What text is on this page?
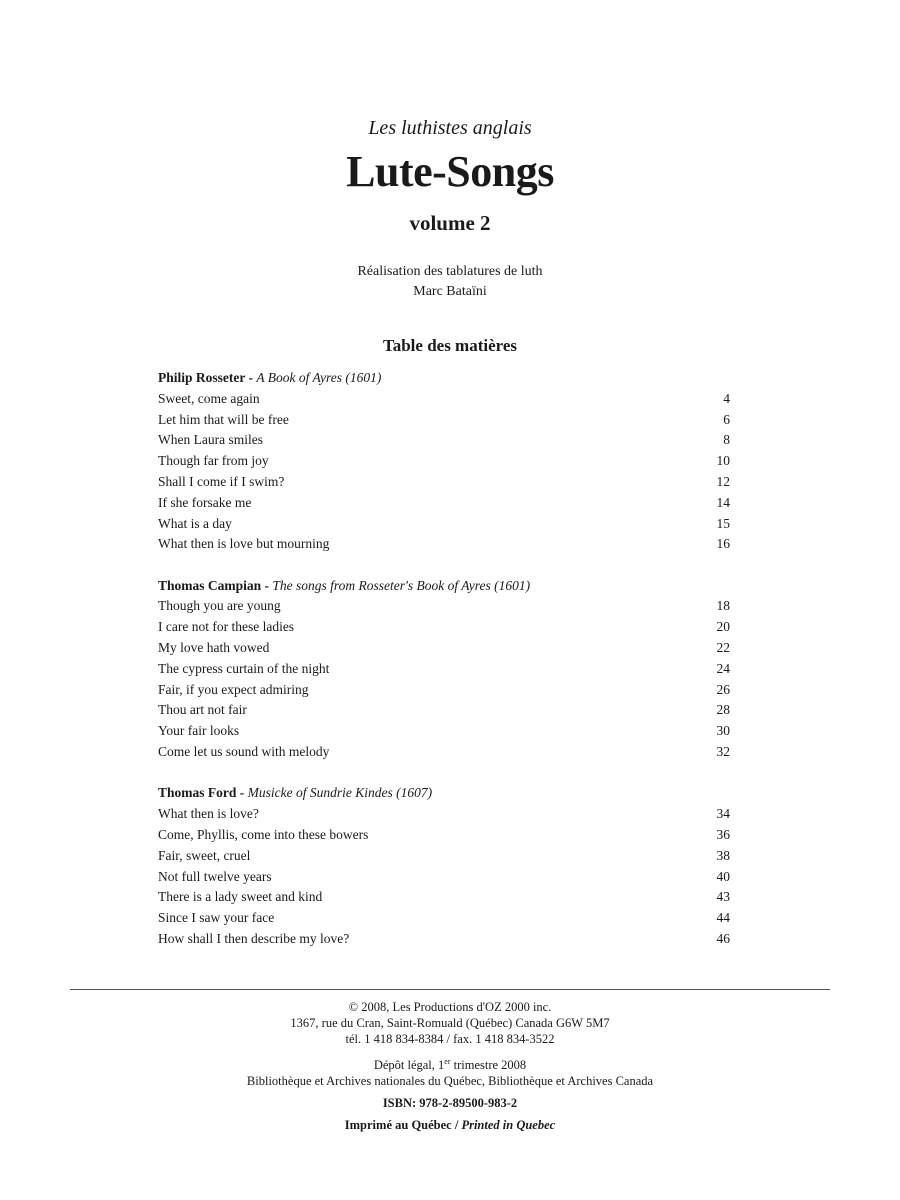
Les luthistes anglais
Lute-Songs
volume 2
Réalisation des tablatures de luth
Marc Bataïni
Table des matières
Philip Rosseter - A Book of Ayres (1601)
Sweet, come again	4
Let him that will be free	6
When Laura smiles	8
Though far from joy	10
Shall I come if I swim?	12
If she forsake me	14
What is a day	15
What then is love but mourning	16
Thomas Campian - The songs from Rosseter's Book of Ayres (1601)
Though you are young	18
I care not for these ladies	20
My love hath vowed	22
The cypress curtain of the night	24
Fair, if you expect admiring	26
Thou art not fair	28
Your fair looks	30
Come let us sound with melody	32
Thomas Ford - Musicke of Sundrie Kindes (1607)
What then is love?	34
Come, Phyllis, come into these bowers	36
Fair, sweet, cruel	38
Not full twelve years	40
There is a lady sweet and kind	43
Since I saw your face	44
How shall I then describe my love?	46
© 2008, Les Productions d'OZ 2000 inc.
1367, rue du Cran, Saint-Romuald (Québec) Canada G6W 5M7
tél. 1 418 834-8384 / fax. 1 418 834-3522
Dépôt légal, 1er trimestre 2008
Bibliothèque et Archives nationales du Québec, Bibliothèque et Archives Canada
ISBN: 978-2-89500-983-2
Imprimé au Québec / Printed in Quebec
